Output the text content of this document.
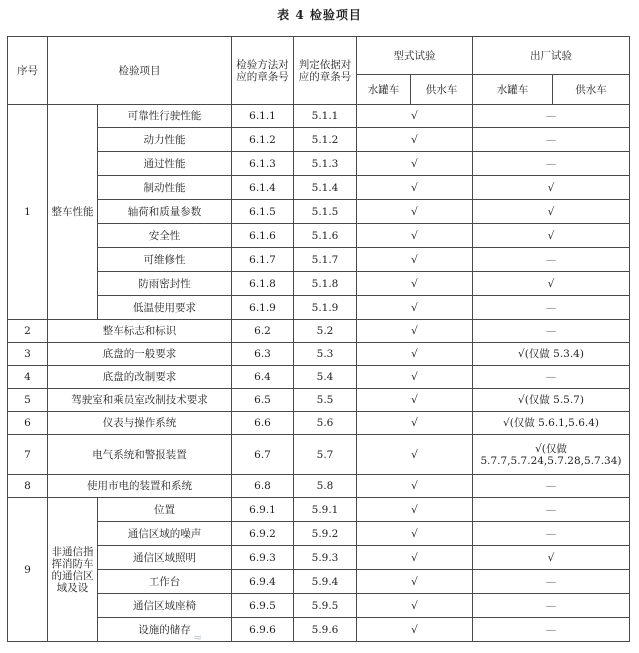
表 4 检验项目
序号	检验项目		检验方法对应的章条号	判定依据对应的章条号	型式试验		出厂试验	
					水罐车	供水车	水罐车	供水车
1	整车性能	可靠性行驶性能	6.1.1	5.1.1	√		—	
		动力性能	6.1.2	5.1.2	√		—	
		通过性能	6.1.3	5.1.3	√		—	
		制动性能	6.1.4	5.1.4	√		√	
		轴荷和质量参数	6.1.5	5.1.5	√		√	
		安全性	6.1.6	5.1.6	√		√	
		可维修性	6.1.7	5.1.7	√		—	
		防雨密封性	6.1.8	5.1.8	√		√	
		低温使用要求	6.1.9	5.1.9	√		—	
2	整车标志和标识		6.2	5.2	√		—	
3	底盘的一般要求		6.3	5.3	√		√(仅做 5.3.4)	
4	底盘的改制要求		6.4	5.4	√		—	
5	驾驶室和乘员室改制技术要求		6.5	5.5	√		√(仅做 5.5.7)	
6	仪表与操作系统		6.6	5.6	√		√(仅做 5.6.1,5.6.4)	
7	电气系统和警报装置		6.7	5.7	√		√(仅做 5.7.7,5.7.24,5.7.28,5.7.34)	
8	使用市电的装置和系统		6.8	5.8	√		—	
9	非通信指挥消防车的通信区域及设	位置	6.9.1	5.9.1	√		—	
		通信区域的噪声	6.9.2	5.9.2	√		—	
		通信区域照明	6.9.3	5.9.3	√		√	
		工作台	6.9.4	5.9.4	√		—	
		通信区域座椅	6.9.5	5.9.5	√		—	
		设施的储存	6.9.6	5.9.6	√		—	
≈
